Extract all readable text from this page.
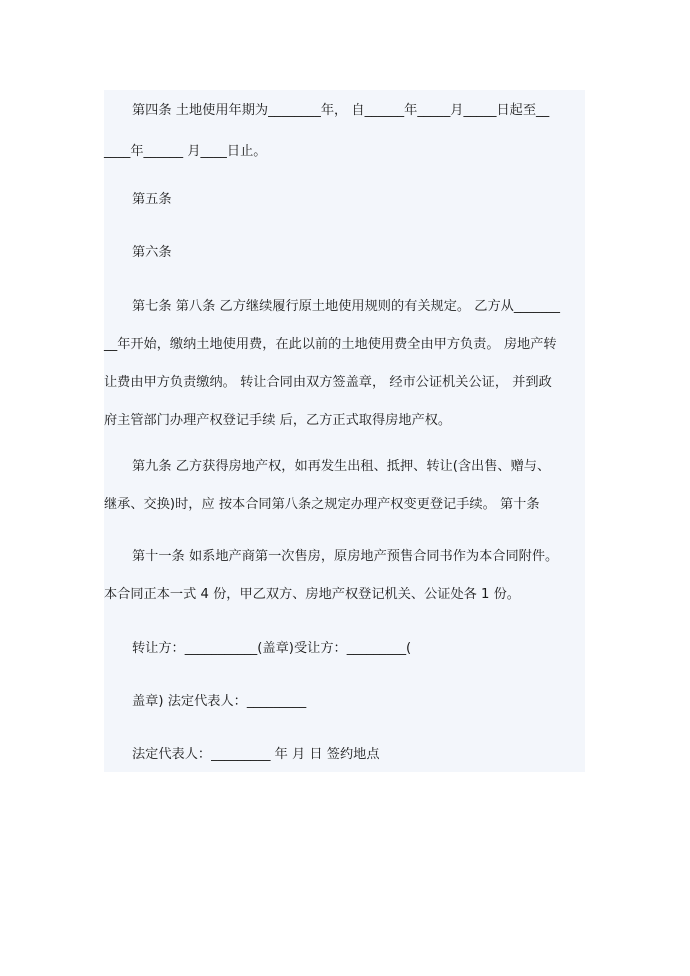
第四条 土地使用年期为________年， 自______年_____月_____日起至__
____年______ 月____日止。
第五条
第六条
第七条 第八条 乙方继续履行原土地使用规则的有关规定。 乙方从_______
__年开始，缴纳土地使用费，在此以前的土地使用费全由甲方负责。 房地产转
让费由甲方负责缴纳。 转让合同由双方签盖章， 经市公证机关公证， 并到政
府主管部门办理产权登记手续 后，乙方正式取得房地产权。
第九条 乙方获得房地产权，如再发生出租、抵押、转让(含出售、赠与、
继承、交换)时，应 按本合同第八条之规定办理产权变更登记手续。 第十条
第十一条 如系地产商第一次售房，原房地产预售合同书作为本合同附件。
本合同正本一式 4 份，甲乙双方、房地产权登记机关、公证处各 1 份。
转让方：___________(盖章)受让方：_________(
盖章) 法定代表人：_________
法定代表人：_________ 年 月 日 签约地点
